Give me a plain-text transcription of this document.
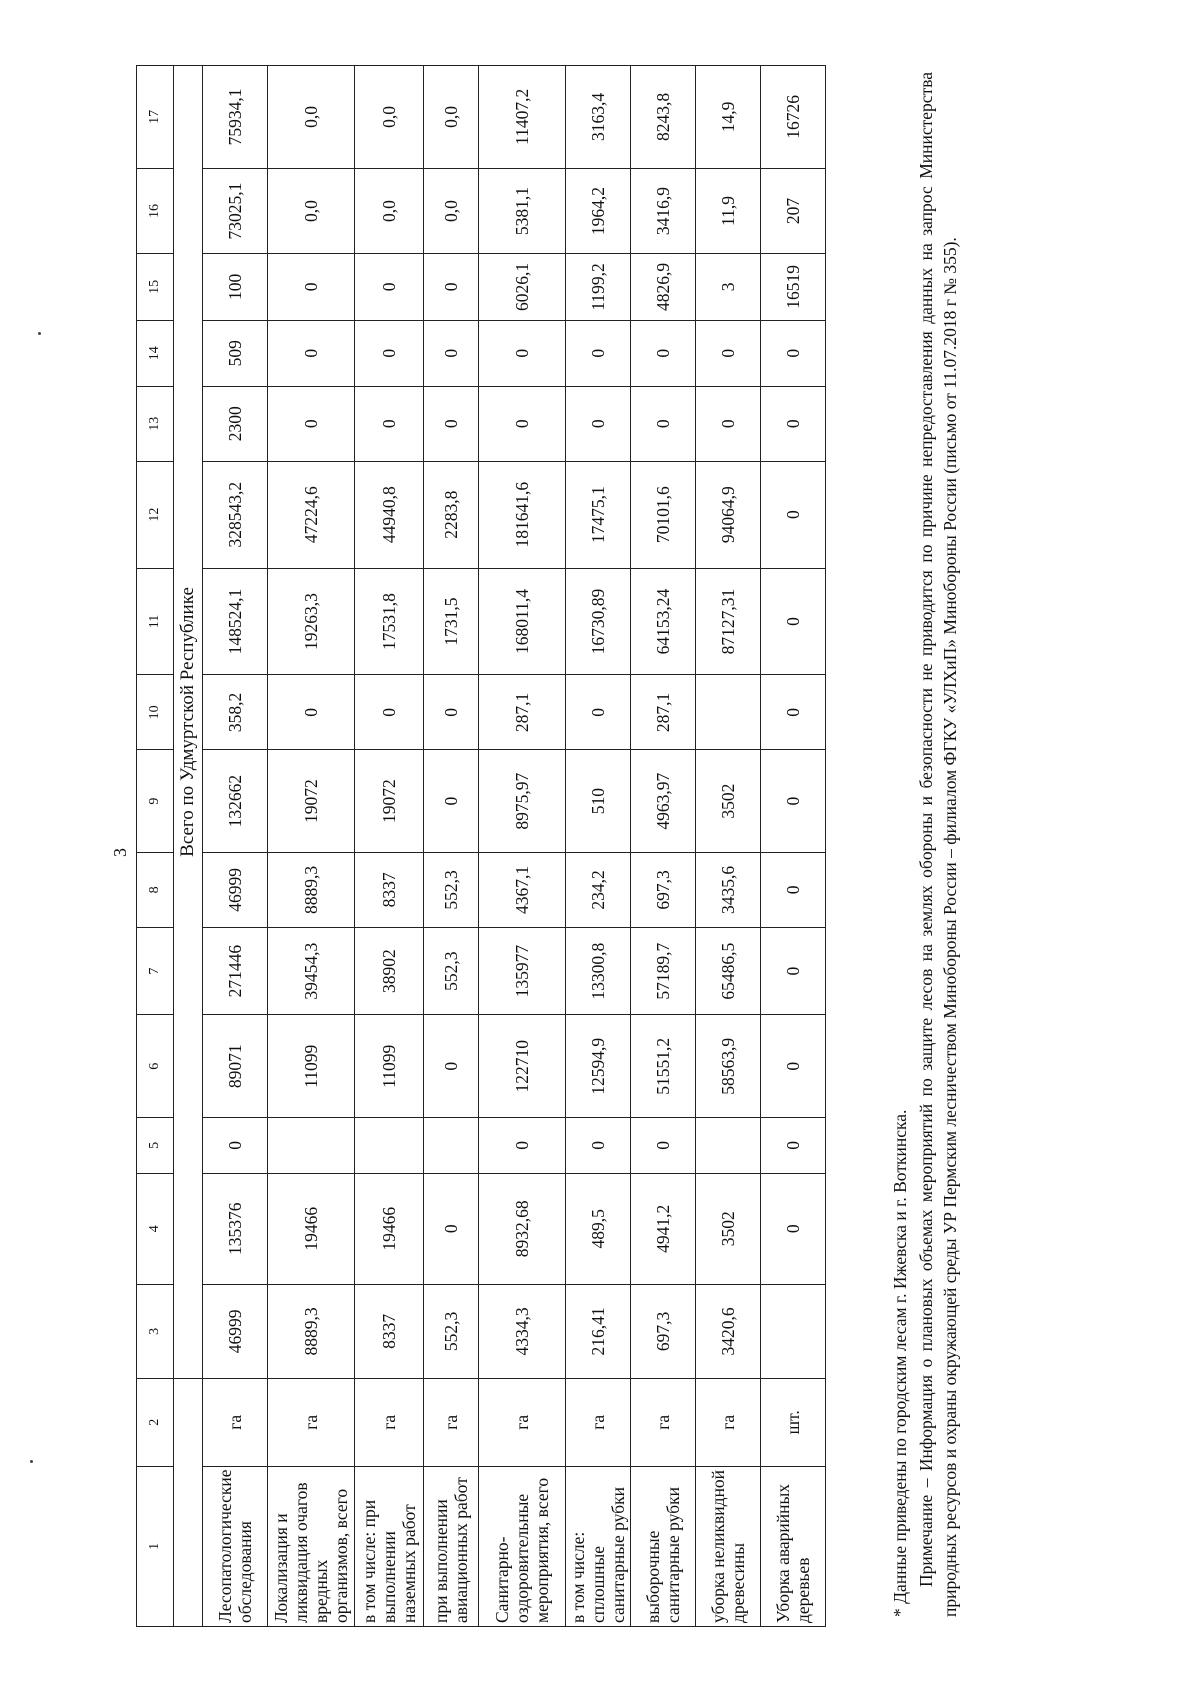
3
1	2	3	4	5	6	7	8	9	10	11	12	13	14	15	16	17
		Всего по Удмуртской Республике														
Лесопатологические обследования	га	46999	135376	0	89071	271446	46999	132662	358,2	148524,1	328543,2	2300	509	100	73025,1	75934,1
Локализация и ликвидация очагов вредных организмов, всего	га	8889,3	19466		11099	39454,3	8889,3	19072	0	19263,3	47224,6	0	0	0	0,0	0,0
в том числе: при выполнении наземных работ	га	8337	19466		11099	38902	8337	19072	0	17531,8	44940,8	0	0	0	0,0	0,0
при выполнении авиационных работ	га	552,3	0		0	552,3	552,3	0	0	1731,5	2283,8	0	0	0	0,0	0,0
Санитарно-оздоровительные мероприятия, всего	га	4334,3	8932,68	0	122710	135977	4367,1	8975,97	287,1	168011,4	181641,6	0	0	6026,1	5381,1	11407,2
в том числе: сплошные санитарные рубки	га	216,41	489,5	0	12594,9	13300,8	234,2	510	0	16730,89	17475,1	0	0	1199,2	1964,2	3163,4
выборочные санитарные рубки	га	697,3	4941,2	0	51551,2	57189,7	697,3	4963,97	287,1	64153,24	70101,6	0	0	4826,9	3416,9	8243,8
уборка неликвидной древесины	га	3420,6	3502		58563,9	65486,5	3435,6	3502		87127,31	94064,9	0	0	3	11,9	14,9
Уборка аварийных деревьев	шт.		0	0	0	0	0	0	0	0	0	0	0	16519	207	16726
* Данные приведены по городским лесам г. Ижевска и г. Воткинска. Примечание – Информация о плановых объемах мероприятий по защите лесов на землях обороны и безопасности не приводится по причине непредоставления данных на запрос Министерства природных ресурсов и охраны окружающей среды УР Пермским лесничеством Минобороны России – филиалом ФГКУ «УЛХиП» Минобороны России (письмо от 11.07.2018 г № 355).
